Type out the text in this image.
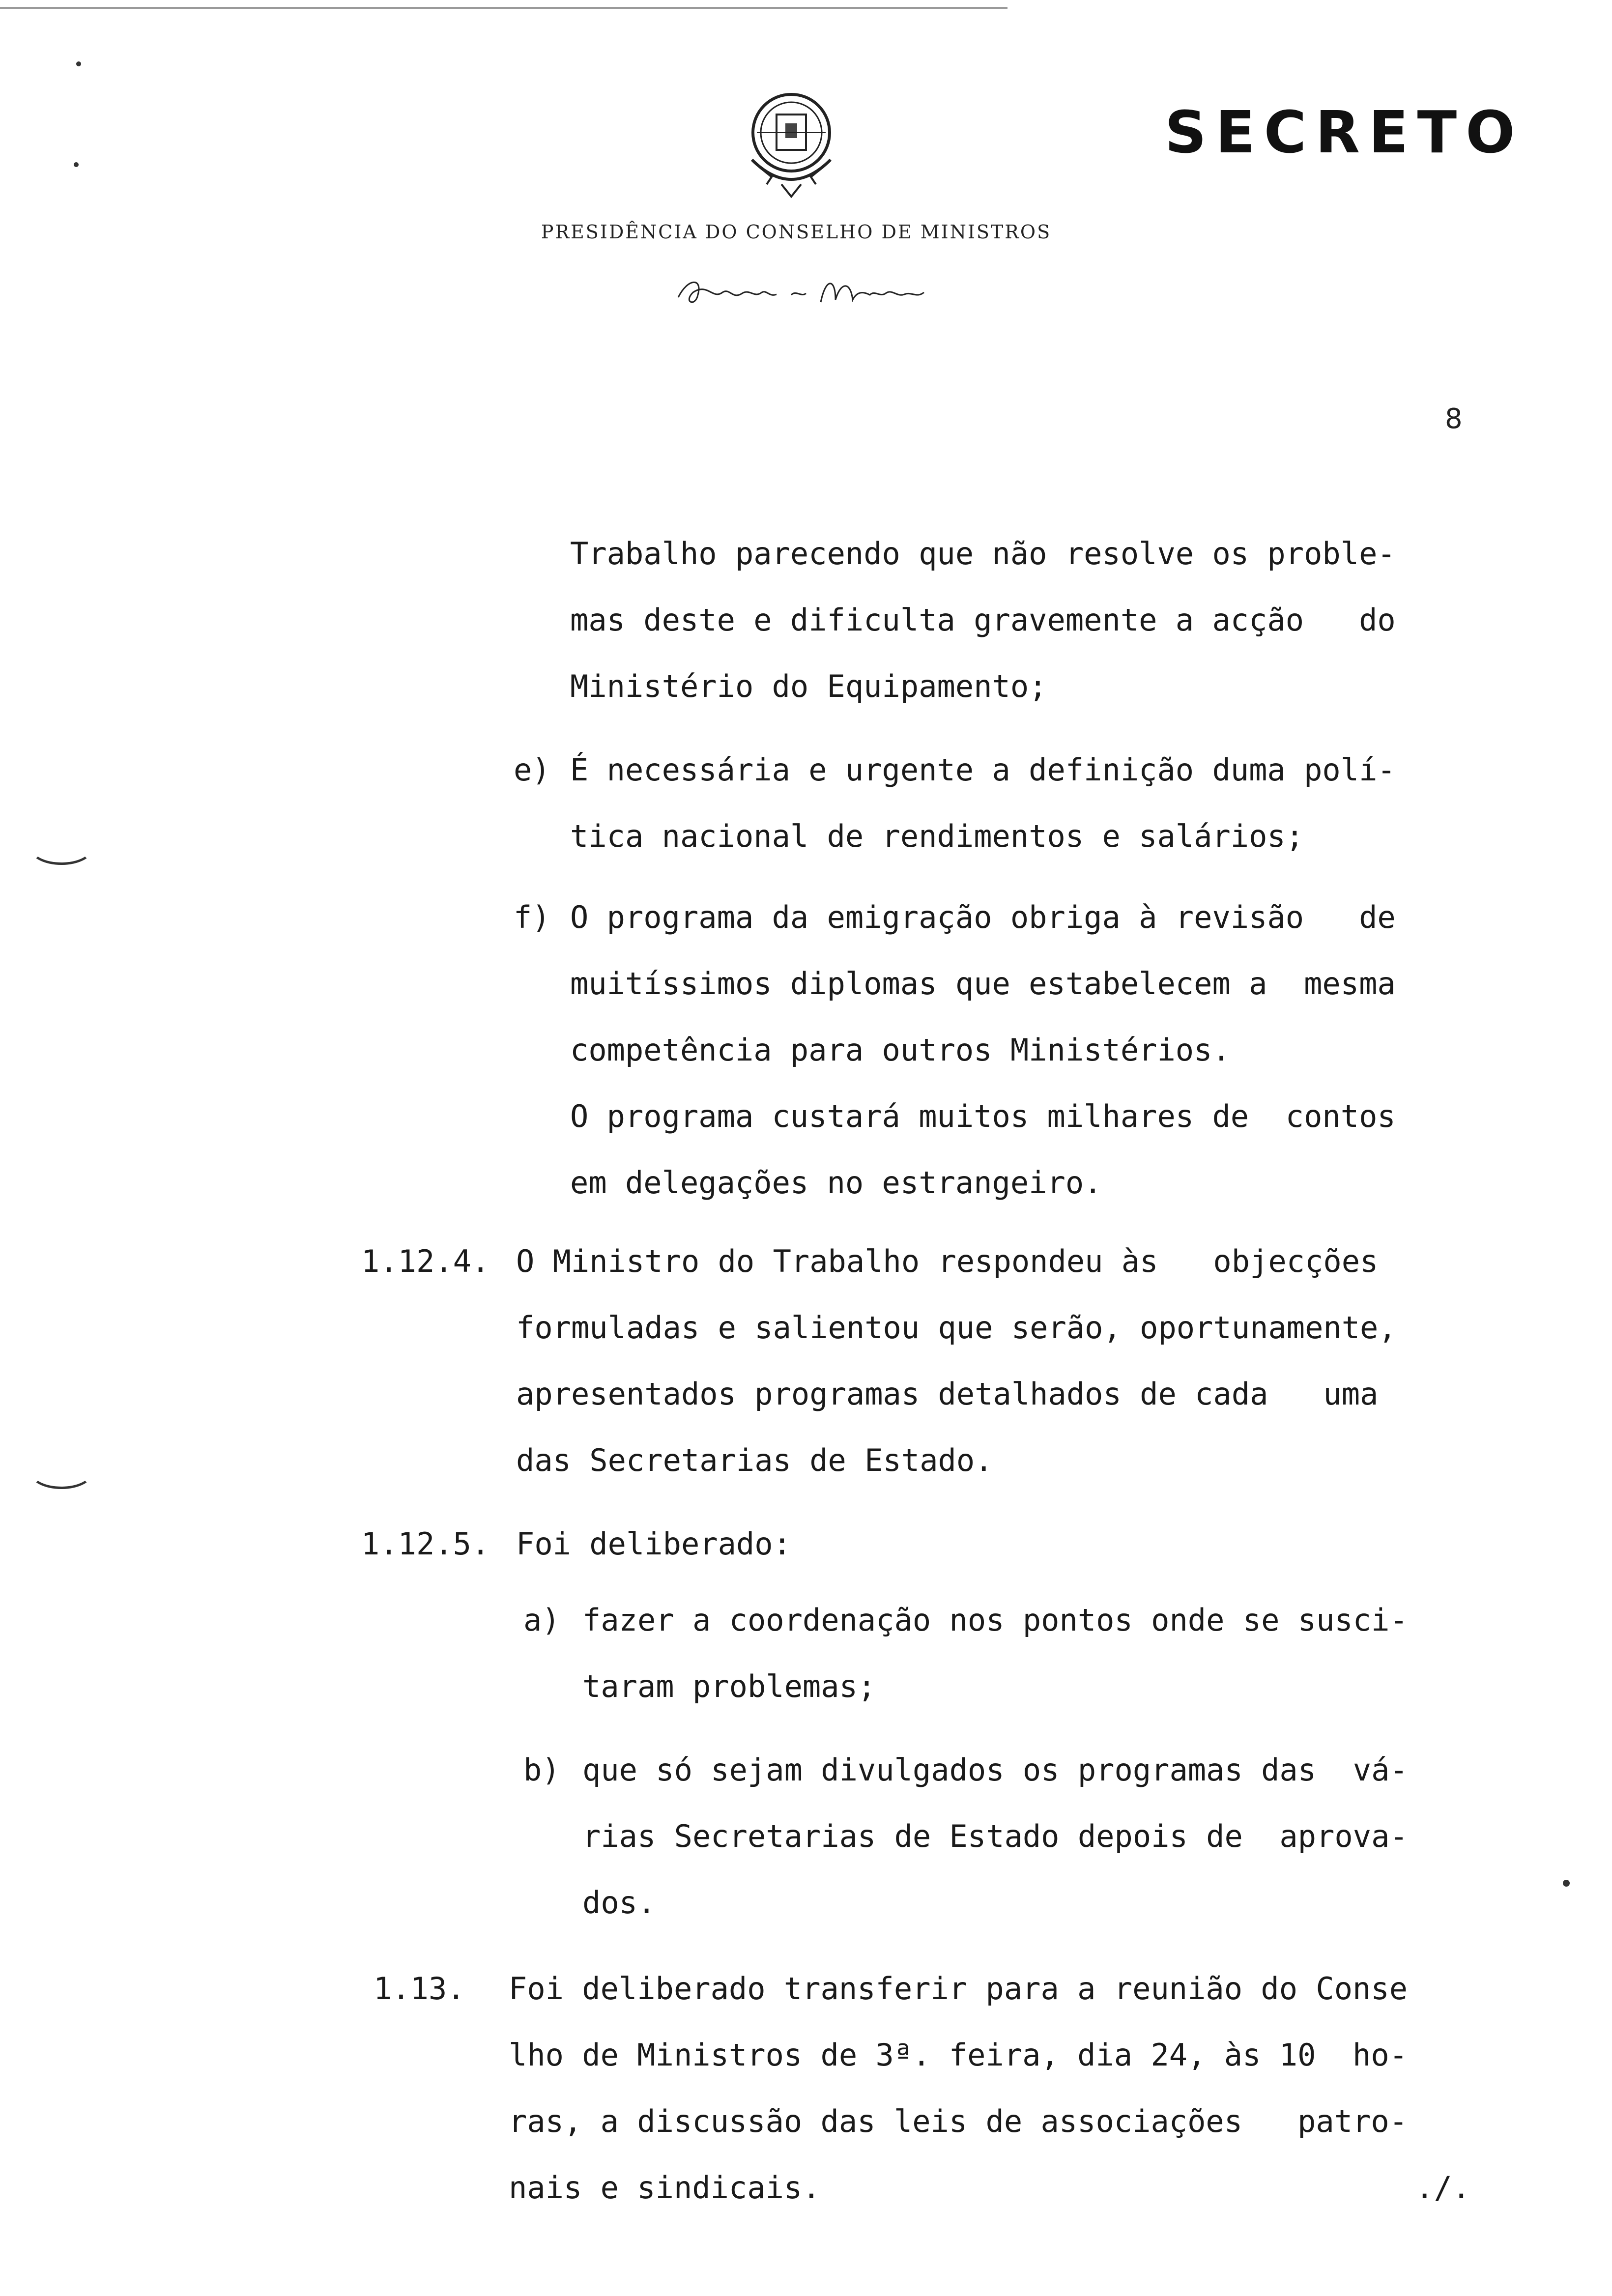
SECRETO
PRESIDÊNCIA DO CONSELHO DE MINISTROS
8
Trabalho parecendo que não resolve os proble-
mas deste e dificulta gravemente a acção   do
Ministério do Equipamento;
e) É necessária e urgente a definição duma polí-
tica nacional de rendimentos e salários;
f) O programa da emigração obriga à revisão   de
muitíssimos diplomas que estabelecem a  mesma
competência para outros Ministérios.
O programa custará muitos milhares de  contos
em delegações no estrangeiro.
1.12.4. O Ministro do Trabalho respondeu às   objecções
formuladas e salientou que serão, oportunamente,
apresentados programas detalhados de cada   uma
das Secretarias de Estado.
1.12.5. Foi deliberado:
a) fazer a coordenação nos pontos onde se susci-
taram problemas;
b) que só sejam divulgados os programas das  vá-
rias Secretarias de Estado depois de  aprova-
dos.
1.13. Foi deliberado transferir para a reunião do Conse
lho de Ministros de 3ª. feira, dia 24, às 10  ho-
ras, a discussão das leis de associações   patro-
nais e sindicais.	./.
